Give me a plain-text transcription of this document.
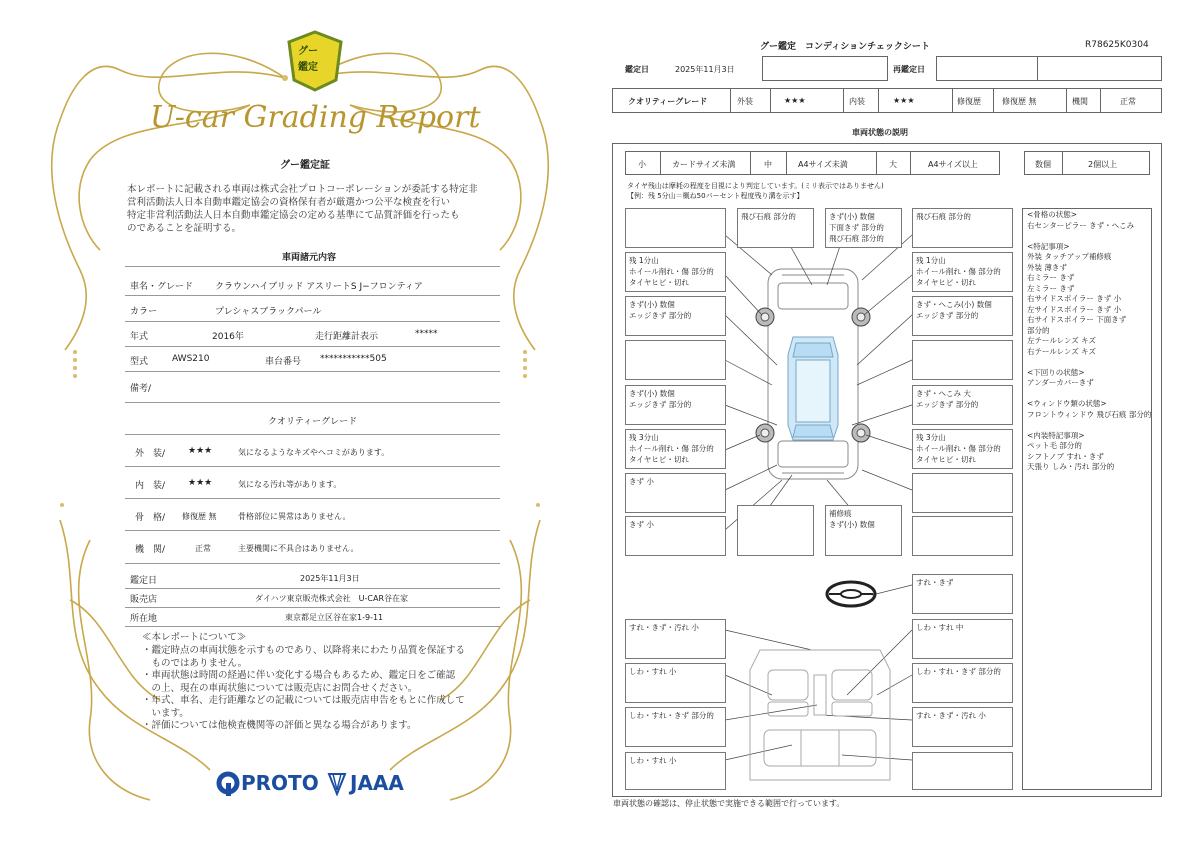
グー
鑑定
U-car Grading Report
グー鑑定証
本レポートに記載される車両は株式会社プロトコーポレーションが委託する特定非
営利活動法人日本自動車鑑定協会の資格保有者が厳選かつ公平な検査を行い
特定非営利活動法人日本自動車鑑定協会の定める基準にて品質評価を行ったも
のであることを証明する。
車両諸元内容
車名・グレード クラウンハイブリッド アスリートS J−フロンティア
カラー	プレシャスブラックパール
年式	2016年	走行距離計表示	*****
型式	AWS210	車台番号 ***********505
備考/
クオリティーグレード
外　装/	★★★	気になるようなキズやヘコミがあります。
内　装/	★★★	気になる汚れ等があります。
骨　格/ 修復歴 無	骨格部位に異常はありません。
機　関/	正常	主要機関に不具合はありません。
鑑定日	2025年11月3日
販売店	ダイハツ東京販売株式会社　U-CAR谷在家
所在地	東京都足立区谷在家1-9-11
≪本レポートについて≫
・鑑定時点の車両状態を示すものであり、以降将来にわたり品質を保証する
　ものではありません。
・車両状態は時間の経過に伴い変化する場合もあるため、鑑定日をご確認
　の上、現在の車両状態については販売店にお問合せください。
・年式、車名、走行距離などの記載については販売店申告をもとに作成して
　います。
・評価については他検査機関等の評価と異なる場合があります。
PROTO JAAA
グー鑑定　コンディションチェックシート	R78625K0304
鑑定日	2025年11月3日	再鑑定日
クオリティーグレード	外装	★★★	内装	★★★	修復歴	修復歴 無	機関	正常
車両状態の説明
小	カードサイズ未満	中	A4サイズ未満	大	A4サイズ以上	数個	2個以上
タイヤ残山は摩耗の程度を目視により判定しています。(ミリ表示ではありません)
【例：残 5分山＝概ね50パーセント程度残り溝を示す】
飛び石痕 部分的	きず(小) 数個
下面きず 部分的
飛び石痕 部分的
飛び石痕 部分的
残 1分山
ホイール削れ・傷 部分的
タイヤヒビ・切れ
残 1分山
ホイール削れ・傷 部分的
タイヤヒビ・切れ
きず(小) 数個
エッジきず 部分的
きず・へこみ(小) 数個
エッジきず 部分的
きず(小) 数個
エッジきず 部分的
きず・へこみ 大
エッジきず 部分的
残 3分山
ホイール削れ・傷 部分的
タイヤヒビ・切れ
残 3分山
ホイール削れ・傷 部分的
タイヤヒビ・切れ
きず 小
きず 小
補修痕
きず(小) 数個
すれ・きず
すれ・きず・汚れ 小	しわ・すれ 中
しわ・すれ 小	しわ・すれ・きず 部分的
しわ・すれ・きず 部分的	すれ・きず・汚れ 小
しわ・すれ 小
<骨格の状態>
右センターピラー きず・へこみ

<特記事項>
外装 タッチアップ補修痕
外装 薄きず
右ミラー きず
左ミラー きず
右サイドスポイラー きず 小
左サイドスポイラー きず 小
右サイドスポイラー 下面きず
部分的
左テールレンズ キズ
右テールレンズ キズ

<下回りの状態>
アンダーカバーきず

<ウィンドウ類の状態>
フロントウィンドウ 飛び石痕 部分的

<内装特記事項>
ペット毛 部分的
シフトノブ すれ・きず
天張り しみ・汚れ 部分的
車両状態の確認は、停止状態で実施できる範囲で行っています。
